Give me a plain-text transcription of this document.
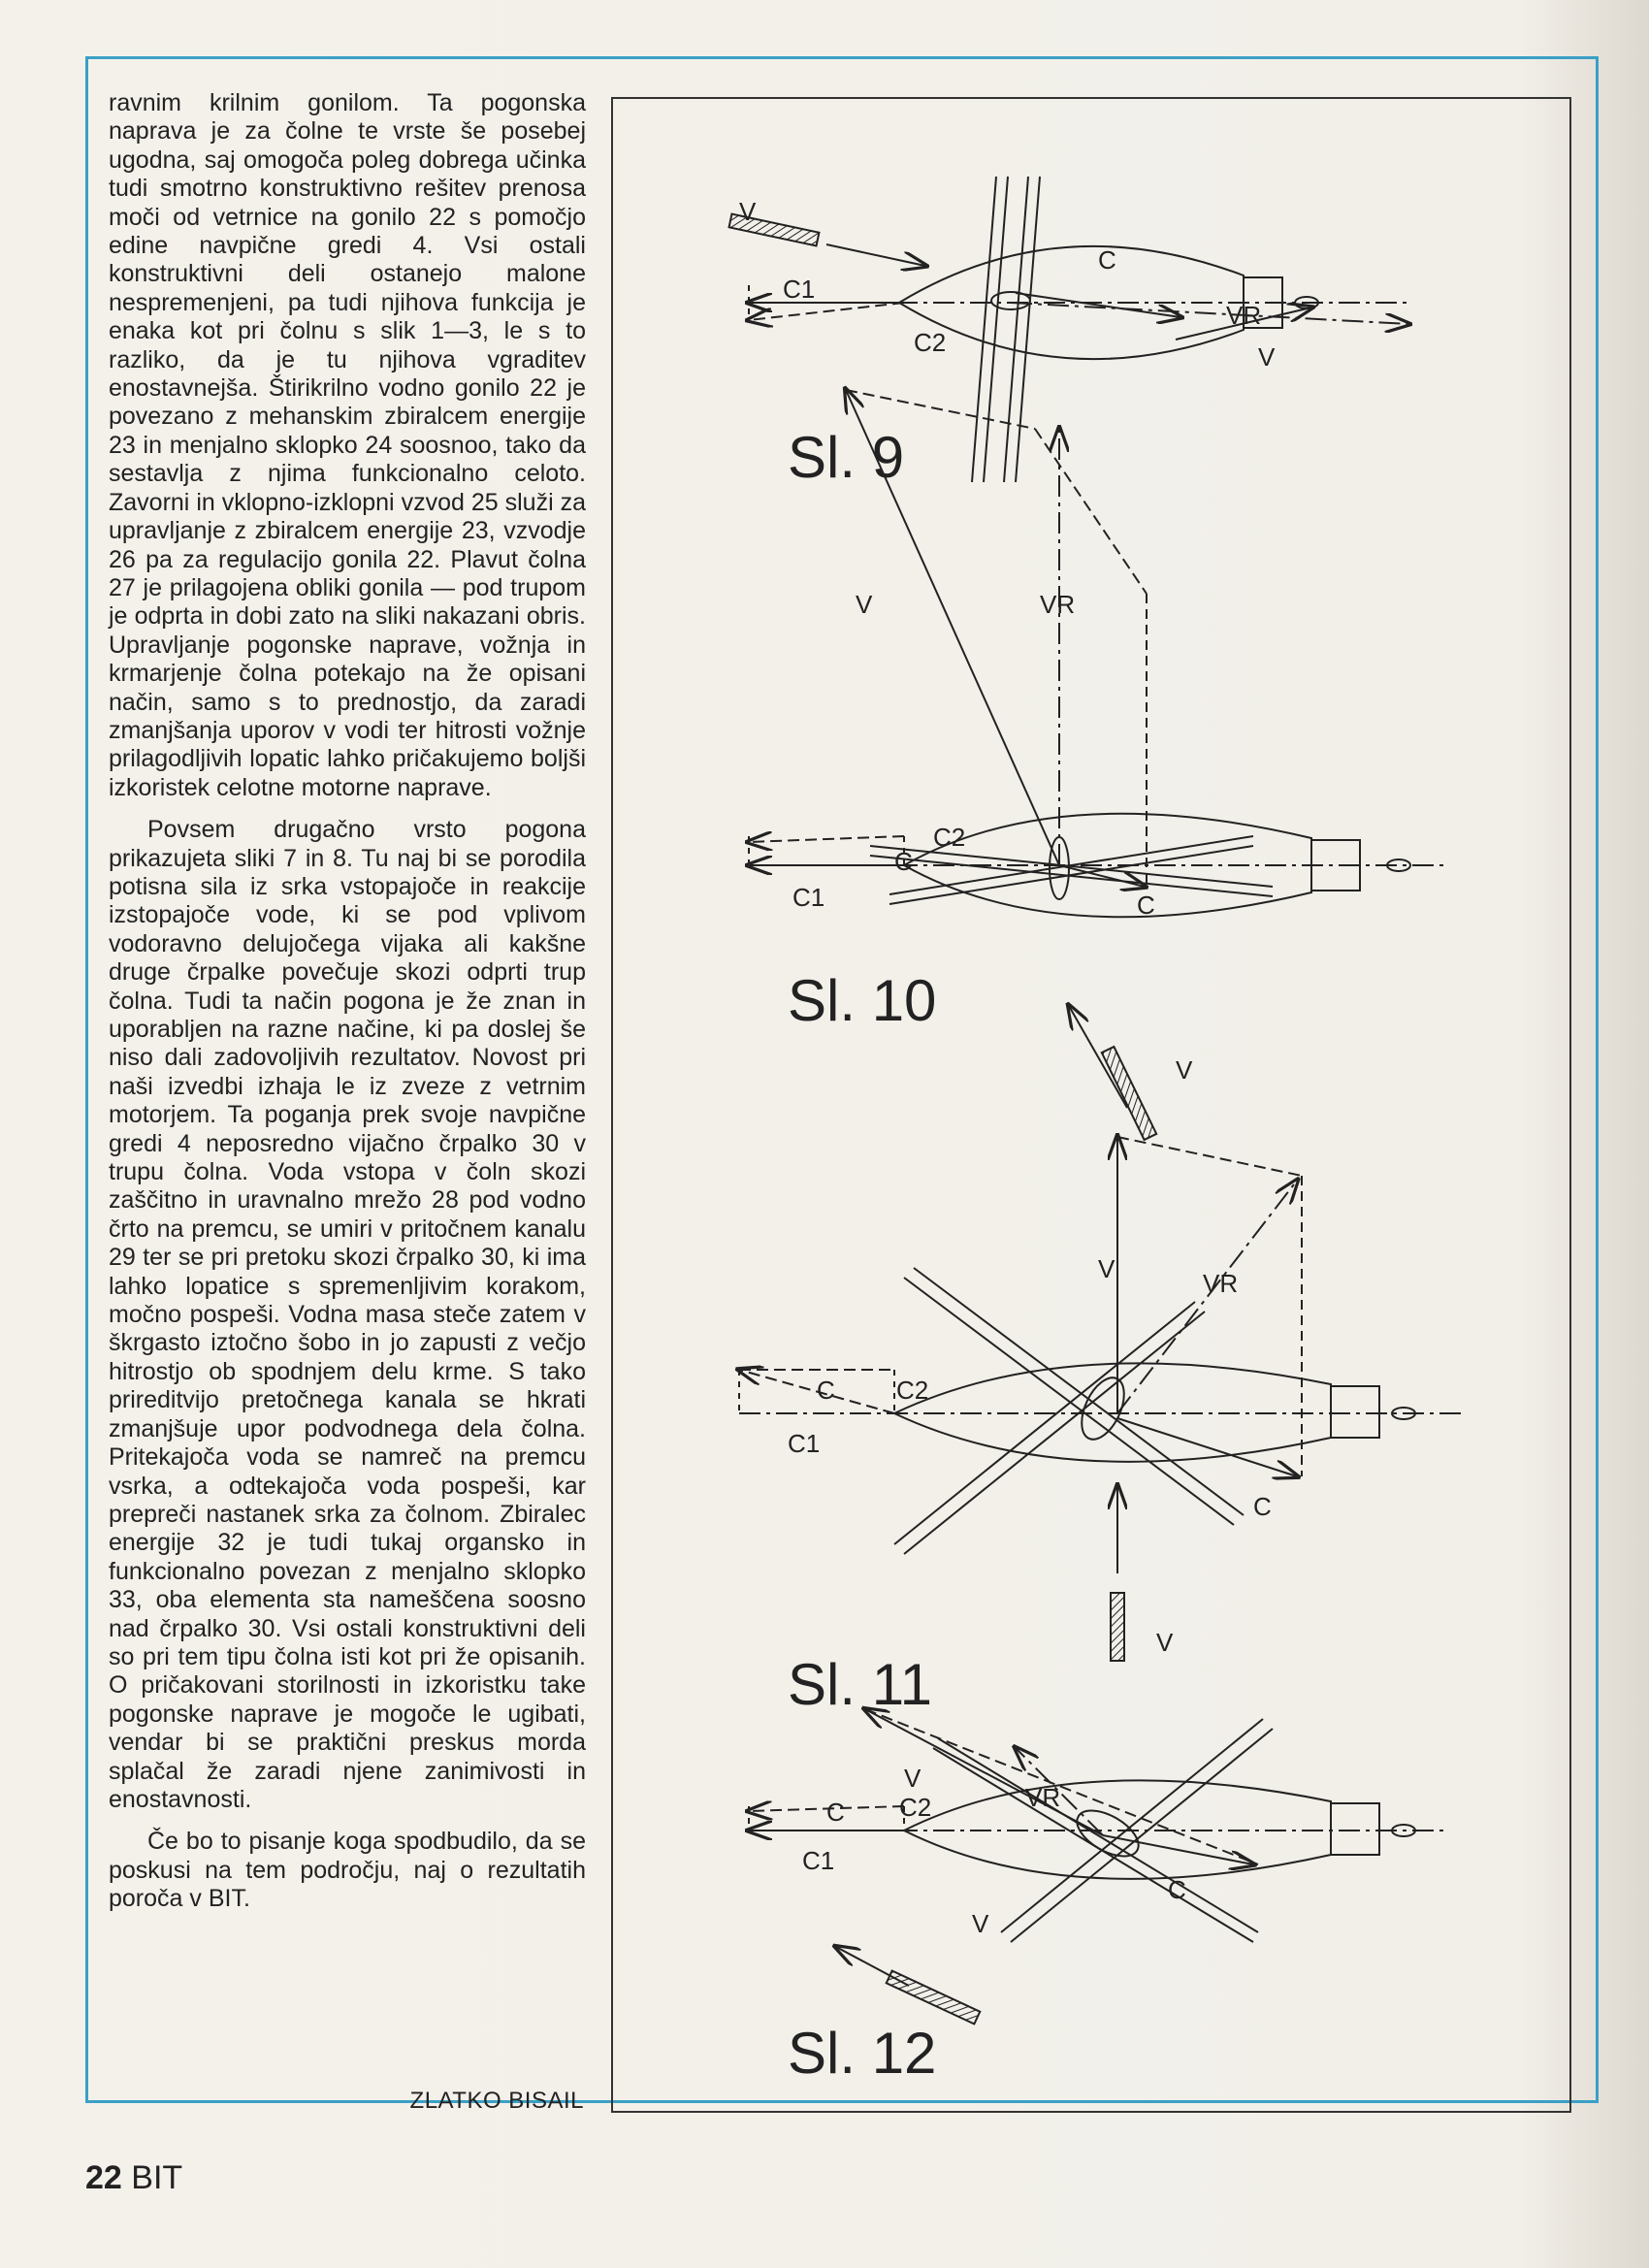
ravnim krilnim gonilom. Ta pogonska naprava je za čolne te vrste še posebej ugodna, saj omogoča poleg dobrega učinka tudi smotrno konstruktivno rešitev prenosa moči od vetrnice na gonilo 22 s pomočjo edine navpične gredi 4. Vsi ostali konstruktivni deli ostanejo malone nespremenjeni, pa tudi njihova funkcija je enaka kot pri čolnu s slik 1—3, le s to razliko, da je tu njihova vgraditev enostavnejša. Štirikrilno vodno gonilo 22 je povezano z mehanskim zbiralcem energije 23 in menjalno sklopko 24 soosnoo, tako da sestavlja z njima funkcionalno celoto. Zavorni in vklopno-izklopni vzvod 25 služi za upravljanje z zbiralcem energije 23, vzvodje 26 pa za regulacijo gonila 22. Plavut čolna 27 je prilagojena obliki gonila — pod trupom je odprta in dobi zato na sliki nakazani obris. Upravljanje pogonske naprave, vožnja in krmarjenje čolna potekajo na že opisani način, samo s to prednostjo, da zaradi zmanjšanja uporov v vodi ter hitrosti vožnje prilagodljivih lopatic lahko pričakujemo boljši izkoristek celotne motorne naprave.

Povsem drugačno vrsto pogona prikazujeta sliki 7 in 8. Tu naj bi se porodila potisna sila iz srka vstopajoče in reakcije izstopajoče vode, ki se pod vplivom vodoravno delujočega vijaka ali kakšne druge črpalke povečuje skozi odprti trup čolna. Tudi ta način pogona je že znan in uporabljen na razne načine, ki pa doslej še niso dali zadovoljivih rezultatov. Novost pri naši izvedbi izhaja le iz zveze z vetrnim motorjem. Ta poganja prek svoje navpične gredi 4 neposredno vijačno črpalko 30 v trupu čolna. Voda vstopa v čoln skozi zaščitno in uravnalno mrežo 28 pod vodno črto na premcu, se umiri v pritočnem kanalu 29 ter se pri pretoku skozi črpalko 30, ki ima lahko lopatice s spremenljivim korakom, močno pospeši. Vodna masa steče zatem v škrgasto iztočno šobo in jo zapusti z večjo hitrostjo ob spodnjem delu krme. S tako prireditvijo pretočnega kanala se hkrati zmanjšuje upor podvodnega dela čolna. Pritekajoča voda se namreč na premcu vsrka, a odtekajoča voda pospeši, kar prepreči nastanek srka za čolnom. Zbiralec energije 32 je tudi tukaj organsko in funkcionalno povezan z menjalno sklopko 33, oba elementa sta nameščena soosno nad črpalko 30. Vsi ostali konstruktivni deli so pri tem tipu čolna isti kot pri že opisanih. O pričakovani storilnosti in izkoristku take pogonske naprave je mogoče le ugibati, vendar bi se praktični preskus morda splačal že zaradi njene zanimivosti in enostavnosti.

Če bo to pisanje koga spodbudilo, da se poskusi na tem področju, naj o rezultatih poroča v BIT.

ZLATKO BISAIL
V
C
C1
C2
VR
V
Sl. 9
V	VR
C2
C
C1	C
V
Sl. 10
V	VR
C C2
C1
C
V
Sl. 11
V
VR
C C2
C1
C
V
Sl. 12
22 BIT
